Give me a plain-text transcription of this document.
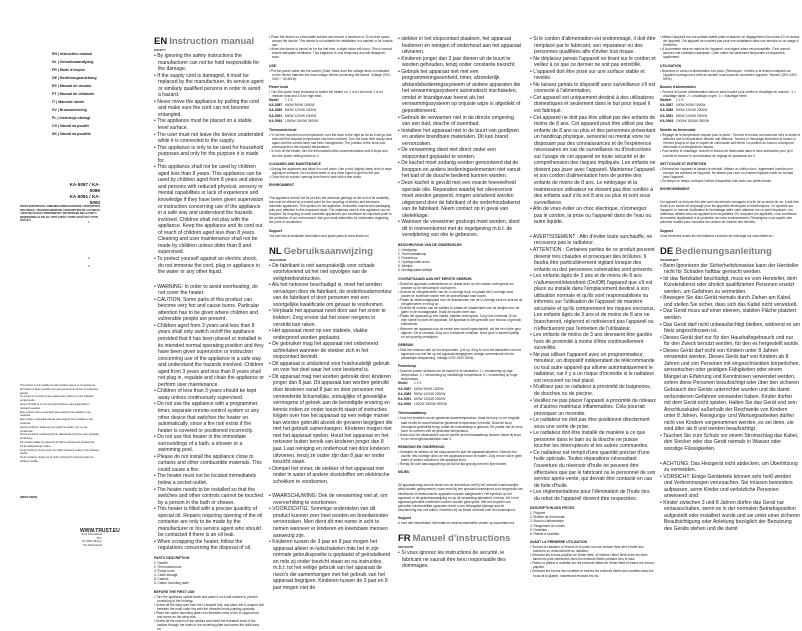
EN | Instruction manual
NL | Gebruiksaanwijzing
FR | Mode d'emploi
DE | Bedienungsanleitung
ES | Manual de usuario
PT | Manual do utilizador
IT | Manuale utente
SV | Bruksanvisning
PL | Instrukcja obsługi
CS | Návod na použití
SK | Návod na použitie
KA-5087 / KA-5089
KA-5091 / KA-5093
PARTS DESCRIPTION / ONDERDELENBESCHRIJVING / DESCRIPTION DES PIÈCES / TEILEBESCHREIBUNG / DESCRIPCIÓN DE LAS PIEZAS / DESCRIÇÃO DOS COMPONENTES / DESCRIZIONE DELLE PARTI / BESKRIVNING AV DELAR / OPIS CZĘŚCI / POPIS SOUČÁSTÍ / POPIS SÚČASTÍ	1
2
3
This product is only suitable for well insulated spaces or occasional use.
Dit product is alleen geschikt voor goed geïsoleerde ruimten of incidenteel gebruik.
Ce produit ne convient qu'aux espaces bien isolés ou à une utilisation occasionnelle.
Dieses Produkt ist nur für gut isolierte Räume oder gelegentlichen Gebrauch geeignet.
Este producto solo es adecuado para espacios bien aislados o uso ocasional.
Este produto é adequado apenas para espaços bem isolados ou uso ocasional.
Questo prodotto è adatto solo per spazi ben isolati o per un uso occasionale.
Denna produkt är endast lämplig för välisolerade utrymmen eller sporadisk användning.
Ten produkt nadaje się wyłącznie do dobrze izolowanych pomieszczeń
lub do okazjonalnego użytku.
Tento produkt je vhodný pouze pro dobře izolované prostory nebo občasné použití.
Tento produkt je vhodný len do dobre izolovaných priestorov alebo na občasné použitie.
(WEEE 80820)
WWW.TRUST.EU
Trust International B.V.
NL 5000 Tilburg | The Netherlands
EN Instruction manual
SAFETY
• By ignoring the safety instructions the manufacturer can not be hold responsible for the damage.
• If the supply cord is damaged, it must be replaced by the manufacturer, its service agent or similarly qualified persons in order to avoid a hazard.
• Never move the appliance by pulling the cord and make sure the cord can not become entangled.
• The appliance must be placed on a stable, level surface.
• The user must not leave the device unattended while it is connected to the supply.
• This appliance is only to be used for household purposes and only for the purpose it is made for.
• This appliance shall not be used by children aged less than 8 years. This appliance can be used by children aged from 8 years and above and persons with reduced physical, sensory or mental capabilities or lack of experience and knowledge if they have been given supervision or instruction concerning use of the appliance in a safe way and understand the hazards involved. Children shall not play with the appliance. Keep the appliance and its cord out of reach of children aged less than 8 years. Cleaning and user maintenance shall not be made by children unless older than 8 and supervised.
• To protect yourself against an electric shock, do not immerse the cord, plug or appliance in the water or any other liquid.
• WARNING: In order to avoid overheating, do not cover the heater.
• CAUTION: Some parts of this product can become very hot and cause burns. Particular attention has to be given where children and vulnerable people are present.
• Children aged from 3 years and less than 8 years shall only switch on/off the appliance provided that it has been placed or installed in its intended normal operating position and they have been given supervision or instruction concerning use of the appliance in a safe way and understand the hazards involved. Children aged from 3 years and less than 8 years shall not plug in, regulate and clean the appliance or perform user maintenance.
• Children of less than 3 years should be kept away unless continuously supervised.
• Do not use the appliance with a programmer, timer, separate remote-control system or any other device that switches the heater on automatically, since a fire risk exists if the heater is covered or positioned incorrectly.
• Do not use this heater in the immediate surroundings of a bath, a shower or a swimming pool.
• Please do not install the appliance close to curtains and other combustible materials. This could cause a fire.
• The heater must not be located immediately below a socket-outlet.
• The heater needs to be installed so that the switches and other controls cannot be touched by a person in the bath or shower.
• This heater is filled with a precise quantity of special oil. Repairs requiring opening of the oil container are only to be made by the manufacturer or his service agent who should be contacted if there is an oil leak.
• When scrapping the heater, follow the regulations concerning the disposal of oil.
PARTS DESCRIPTION
1. Handle
2. Thermostat knob
3. Power knob
4. Cable storage
5. Castors
6. Castor mounting plate
BEFORE THE FIRST USE
• Turn the appliance upside down and place it on a soft surface to prevent scratching of the housing.
• Screw off the wing nuts from the U-shaped bolt, and place the U-shaped bolt between the most outer fins with the threaded ends pointing upwards.
• Place the castor mounting plate over threaded ends of the U-shaped bolt and screw on the wing nuts.
• Screw off the nuts from the castors and insert the threaded ends of the castors through the holes in the mounting plate and screw the bolts back on.
• Place the device on a flat stable surface and ensure a minimum of 10 cm free space around the device. This device is not suitable for installation in a cabinet or for outside use.
• When the device is turned on for the first time, a slight odour will occur. This is normal; ensure adequate ventilation. This fragrance is only temporary and will disappear soon.
USE
• Put the power cable into the socket. (Note: Make sure the voltage which is indicated on the device matches the local voltage before connecting the device. Voltage 220V-240V ~ 50-60Hz).
Power knob
• Turn the power knob clockwise to switch the heater on, 1 is for low heat, 2 is for medium heat and 3 is for high heat.
Model 1 2 3
KA-5087 600W 900W 1500W
KA-5089 800W 1200W 2000W
KA-5091 800W 1200W 2000W
KA-5093 1000W 1500W 2500W
Thermostat knob
• To set the required room temperature: turn the knob to the right as far as it will go and wait until the required temperature has been reached. Turn the knob then slowly back again until the control lamp has been extinguished. The position of the knob now corresponds to the required temperature.
• To turn off the heater, turn the thermostat button counterclockwise until it stops and turn the power setting button to 0.
CLEANING AND MAINTENANCE
• Unplug the appliance and allow it to cool down. Use a soft, slightly damp cloth to wipe appliance surfaces. Do not allow water or any other liquid to get into the unit.
• Clean the air suction opening from time to time with a fine brush.
ENVIRONMENT
This appliance should not be put into the domestic garbage at the end of its durability, but must be offered at a central point for the recycling of electric and electronic domestic appliances. This symbol on the appliance, instruction manual and packaging puts your attention to this important issue. The materials used in this appliance can be recycled. By recycling of used domestic appliances you contribute an important push to the protection of our environment. Ask your local authorities for information regarding the point of recollection.
Support
You can find all available information and spare parts at www.trister.eu!
NL Gebruiksaanwijzing
VEILIGHEID
• De fabrikant is niet aansprakelijk voor schade voortvloeiend uit het niet opvolgen van de veiligheidsinstructies.
• Als het netsnoer beschadigd is, moet het worden vervangen door de fabrikant, de onderhoudsmonteur van de fabrikant of door personen met een soortgelijke kwalificatie om gevaar te voorkomen.
• Verplaats het apparaat nooit door aan het snoer te trekken. Zorg ervoor dat het snoer nergens in verstrikt kan raken.
• Het apparaat moet op een stabiele, vlakke ondergrond worden geplaatst.
• De gebruiker mag het apparaat niet onbeheerd achterlaten wanneer de stekker zich in het stopcontact bevindt.
• Dit apparaat is uitsluitend voor huishoudelijk gebruik en voor het doel waar het voor bestemd is.
• Dit apparaat mag niet worden gebruikt door kinderen jonger dan 8 jaar. Dit apparaat kan worden gebruikt door kinderen vanaf 8 jaar en door personen met verminderde lichamelijke, zintuiglijke of geestelijke vermogens of gebrek aan de benodigde ervaring en kennis indien ze onder toezicht staan of instructies krijgen over hoe het apparaat op een veilige manier kan worden gebruikt alsook de gevaren begrijpen die met het gebruik samenhangen. Kinderen mogen niet met het apparaat spelen. Houd het apparaat en het netsnoer buiten bereik van kinderen jonger dan 8 jaar. Laat reiniging en onderhoud niet door kinderen uitvoeren, tenzij ze ouder zijn dan 8 jaar en onder toezicht staan.
• Dompel het snoer, de stekker of het apparaat niet onder in water of andere vloeistoffen om elektrische schokken te voorkomen.
• WAARSCHUWING: Dek de verwarming niet af, om oververhitting te voorkomen.
• VOORZICHTIG: Sommige onderdelen van dit product kunnen zeer heet worden en brandwonden veroorzaken. Men dient dit met name in acht te nemen wanneer er kinderen en kwetsbare mensen aanwezig zijn.
• Kinderen tussen de 3 jaar en 8 jaar mogen het apparaat alleen in-/uitschakelen mits het in zijn normale gebruikspositie is geplaatst of geïnstalleerd en mits zij onder toezicht staan en na instructies m.b.t. tot het veilige gebruik van het apparaat de risico's die samenhangen met het gebruik van het apparaat begrijpen. Kinderen tussen de 3 jaar en 8 jaar mogen niet de
• stekker in het stopcontact plaatsen, het apparaat bedienen en reinigen of onderhoud aan het apparaat uitvoeren.
• Kinderen jonger dan 3 jaar dienen uit de buurt te worden gehouden, tenzij onder constante toezicht.
• Gebruik het apparaat niet met een programmeringseenheid, timer, afzonderlijk afstandsbedieningssysteem of andere apparaten die het verwarmingssysteem automatisch inschakelen, omdat er brandgevaar heerst als het verwarmingssysteem op onjuiste wijze is afgedekt of gepositioneerd.
• Gebruik de verwarmer niet in de directe omgeving van een bad, douche of zwembad.
• Installeer het apparaat niet in de buurt van gordijnen en andere brandbare materialen. Dit kan brand veroorzaken.
• De verwarming dient niet direct onder een stopcontact geplaatst te worden.
• De kachel moet zodanig worden gemonteerd dat de knoppen en andere bedieningselementen niet vanuit het bad of de douche bediend kunnen worden.
• Deze kachel is gevuld met een exacte hoeveelheid speciale olie. Reparaties waarbij het oliereservoir moet worden geopend, mogen uitsluitend worden uitgevoerd door de fabrikant of de onderhoudsdienst van de fabrikant. Neem contact op in geval van olielekkage.
• Wanneer de verwarmer gesloopt moet worden, dient dit in overeenkomst met de regelgeving m.b.t. de verwijdering van olie te gebeuren.
BESCHRIJVING VAN DE ONDERDELEN
1. Handgreep
2. Thermostaatknop
3. Powerknop
4. Opbergruimte snoer
5. Wieltjes
6. Montageplaat wieltjes
VOORAFGAAND AAN HET EERSTE GEBRUIK
• Draai het apparaat ondersteboven en plaats deze op een zachte ondergrond om krassen op de behuizing te voorkomen.
• Schroef de vleugelmoeren van de U-vormige bout, en plaats het U-vormige bout tussen de buitenste vinnen met de schroefdraad naar boven.
• Plaats de wielmontageplaat over de draadeinden van de U-vormige bout en schroef de vleugelmoeren er terug op.
• Schroef de moeren van de wieltjes en plaats de draadeinden van de wieltjes door de gaten in de montageplaat. Draai de bouten weer aan.
• Plaats het apparaat op een vlakke, stabiele ondergrond. Zorg voor minimaal 10 cm vrije ruimte rondom het apparaat. Dit apparaat is niet geschikt voor inbouw of gebruik buitenshuis.
• Wanneer het apparaat voor de eerste keer wordt ingeschakeld, zal het een lichte geur afgeven. Dit is normaal. Zorg voor voldoende ventilatie. Deze geur is slechts tijdelijk en zal spoedig verdwijnen.
GEBRUIK
• Sluit het netsnoer aan op het stopcontact. (Let op: Zorg er voor het aansluiten van het apparaat voor dat het op het apparaat aangegeven voltage overeenkomt met de plaatselijke netspanning. Voltage 220V-240V 50Hz).
Powerknop
• Draai de power rechtsom om de kachel in te schakelen: 1 = verwarming op lage temperatuur, 2 = verwarming op middelhoge temperatuur, 3 = verwarming op hoge temperatuur.
Model 1 2 3
KA-5087 600W 900W 1500W
KA-5089 800W 1200W 2000W
KA-5091 800W 1200W 2000W
KA-5093 1000W 1500W 2500W
Thermostaatknop
• Voor het instellen van de gewenste kamertemperatuur: draai de knop zo ver mogelijk naar rechts en wacht totdat de gewenste temperatuur is bereikt. Draai de knop vervolgens geleidelijk terug, totdat de controlelamp is gedoofd. De positie van de knop komt nu overeen met de gewenste temperatuur.
• Draai voor het uitschakelen van de kachel de thermostaatknop linksom totdat hij stopt en de vermogensschakelaar naar 0.
REINIGING EN ONDERHOUD
• Verwijder de stekker uit het stopcontact en laat het apparaat afkoelen. Gebruik een zachte, iets vochtige doek om het apparaat schoon te maken. Zorg ervoor dat er geen water of andere vloeistof in het apparaat komt.
• Reinig de lucht aanzuigopening van tijd tot tijd grondig met een fijne borstel.
MILIEU
Dit apparaat mag aan het einde van de levensduur niet bij het normale huishoudelijke afval worden gedeponeerd, maar moet bij een speciaal inzamelpunt voor hergebruik van elektrische en elektronische apparaten worden aangeboden. Het symbool op het apparaat, in de gebruiksaanwijzing en op de verpakking attendeert u hierop. De in het apparaat gebruikte materialen kunnen worden gerecycled. Met het recyclen van gebruikte huishoudelijke apparaten levert u een belangrijke bijdrage aan de bescherming van ons milieu. Informeer bij uw lokale overheid over het inzamelpunt.
Support
U kunt alle beschikbare informatie en reserveonderdelen vinden op www.trister.eu!
FR Manuel d'instructions
SÉCURITÉ
• Si vous ignorez les instructions de sécurité, le fabricant ne saurait être tenu responsable des dommages.
• Si le cordon d'alimentation est endommagé, il doit être remplacé par le fabricant, son réparateur ou des personnes qualifiées afin d'éviter tout risque.
• Ne déplacez jamais l'appareil en tirant sur le cordon et veillez à ce que ce dernier ne soit pas entortillé.
• L'appareil doit être posé sur une surface stable et nivelée.
• Ne laissez jamais le dispositif sans surveillance s'il est connecté à l'alimentation.
• Cet appareil est uniquement destiné à des utilisations domestiques et seulement dans le but pour lequel il est fabriqué.
• Cet appareil ne doit pas être utilisé par des enfants de moins de 8 ans. Cet appareil peut être utilisé par des enfants de 8 ans ou plus et des personnes présentant un handicap physique, sensoriel ou mental voire ne disposant pas des connaissances et de l'expérience nécessaires en cas de surveillance ou d'instructions sur l'usage de cet appareil en toute sécurité et de compréhension des risques impliqués. Les enfants ne doivent pas jouer avec l'appareil. Maintenez l'appareil et son cordon d'alimentation hors de portée des enfants de moins de 8 ans. Le nettoyage et la maintenance utilisateur ne doivent pas être confiés à des enfants sauf s'ils ont 8 ans ou plus et sont sous surveillance.
• Afin de vous éviter un choc électrique, n'immergez pas le cordon, la prise ou l'appareil dans de l'eau ou autre liquide.
• AVERTISSEMENT : Afin d'éviter toute surchauffe, ne recouvrez pas le radiateur.
• ATTENTION : Certaines parties de ce produit peuvent devenir très chaudes et provoquer des brûlures. Il faudra être particulièrement vigilant lorsque des enfants ou des personnes vulnérables sont présents.
• Les enfants âgés de 3 ans et de moins de 8 ans n'allumeront/éteindront (On/Off) l'appareil que s'il est placé ou installé dans l'emplacement destiné à son utilisation normale et qu'ils sont responsabilisés ou informés sur l'utilisation de l'appareil de manière sécurisée et qu'ils comprennent les risques encourus. Les enfants âgés de 3 ans et de moins de 8 ans ne brancheront, régleront et nettoieront pas l'appareil ou n'effectueront pas l'entretien de l'utilisateur.
• Les enfants de moins de 3 ans devraient être gardés hors de proximité à moins d'être continuellement surveillés.
• Ne pas utiliser l'appareil avec un programmateur, minuteur, un dispositif indépendant de télécommande ou tout autre appareil qui allume automatiquement le radiateur, car il y a un risque d'incendie si le radiateur est recouvert ou mal placé.
• N'utilisez pas ce radiateur à proximité de baignoires, de douches ou de piscine.
• Veuillez ne pas placer l'appareil à proximité de rideaux et d'autres matériaux inflammables. Cela pourrait provoquer un incendie.
• Le radiateur ne doit pas être positionné directement sous une sortie de prise.
• Le radiateur doit être installé de manière à ce que personne dans le bain ou la douche ne puisse toucher les interrupteurs et les autres commandes.
• Ce radiateur est rempli d'une quantité précise d'une huile spéciale. Toutes réparations nécessitant l'ouverture du réservoir d'huile ne peuvent être effectuées que par le fabricant ou le personnel de son service après-vente, qui devrait être contacté en cas de fuite d'huile.
• Les réglementations pour l'élimination de l'huile lors du rebut de l'appareil doivent être respectées.
DESCRIPTION DES PIÈCES
1. Poignée
2. Molette de thermostat
3. Bouton d'alimentation
4. Rangement du cordon
5. Roulettes
6. Platine à roulettes
AVANT LA PREMIÈRE UTILISATION
• Tournez le radiateur à l'envers et le poser sur une surface lisse afin d'éviter des traînures ou renfoncement au radiateur.
• Dévissez les écrous-papillon de l'étrier fileté, et insérez l'étrier fileté entre les deux lames les plus extérieures avec les embouts filetés pointant vers le haut.
• Placez la platine à roulettes sur les embouts filetés de l'étrier fileté et vissez les écrous-papillon.
• Dévissez les écrous des roulettes et insérez les embouts filetés des roulettes dans les trous de la platine, maintenant revissez les vis.
• Mettez l'appareil sur une surface stable plate et assurez un dégagement d'au moins 10 cm autour de l'appareil. Cet appareil ne convient pas pour une installation dans une armoire ou un usage à l'extérieur.
• À la première mise en marche de l'appareil, une légère odeur est perceptible. C'est normal ; assurez une ventilation adéquate. Cette odeur est seulement temporaire et disparaîtra rapidement.
UTILISATION
• Branchez le cordon d'alimentation à la prise. (Remarque : Vérifiez si la tension indiquée sur l'appareil correspond à celle du secteur local avant de connecter l'appareil. Tension 220V-240V 50Hz).
Bouton d'alimentation
• Tournez le bouton d'alimentation dans le sens horaire pour mettre le chauffage en marche : 1 = chauffage faible, 2 = chauffage moyen, 3 = chauffage élevé.
Modèle 1 2 3
KA-5087 600W 900W 1500W
KA-5089 800W 1200W 2000W
KA-5091 800W 1200W 2000W
KA-5093 1000W 1500W 2500W
Molette du thermostat
• Réglage de la température requise pour la pièce : Tournez le bouton au maximum vers la droite et attendez que la température désirée soit obtenue. Tournez le mesurage lentement le bouton à l'envers jusqu'à ce que le voyant de commande soit éteint. La position du bouton correspond désormais à la température requise.
• Pour arrêter le chauffage, tournez le bouton de thermostat dans le sens antihoraire pour qu'il s'arrête et tournez le commutateur de réglage de puissance sur 0.
NETTOYAGE ET ENTRETIEN
• Débranchez l'appareil et laissez-le refroidir. Utilisez un chiffon doux, légèrement humide pour essuyer les surfaces de l'appareil. Ne laissez pas l'eau ou d'autres liquides entrer en contact avec l'appareil.
• De temps en temps, nettoyez l'orifice d'aspiration d'air avec une petite brosse.
ENVIRONNEMENT
Cet appareil ne doit pas être jeté avec les déchets ménagers à la fin de sa durée de vie, il doit être remis à un centre de recyclage pour les appareils électriques et électroniques. Ce symbole sur l'appareil, le manuel d'utilisation et l'emballage attire votre attention sur ce point important. Les matériaux utilisés dans cet appareil sont recyclables. En recyclant vos appareils, vous contribuez de manière significative à la protection de notre environnement. Renseignez-vous auprès des autorités locales pour connaître les centres de collecte des déchets.
Support
Vous trouverez toutes les informations et pièces de rechange sur www.trister.eu !
DE Bedienungsanleitung
SICHERHEIT
• Beim Ignorieren der Sicherheitshinweise kann der Hersteller nicht für Schäden haftbar gemacht werden.
• Ist das Netzkabel beschädigt, muss es vom Hersteller, dem Kundendienst oder ähnlich qualifizierten Personen ersetzt werden, um Gefahren zu vermeiden.
• Bewegen Sie das Gerät niemals durch Ziehen am Kabel, und stellen Sie sicher, dass sich das Kabel nicht verwickelt.
• Das Gerät muss auf einer ebenen, stabilen Fläche platziert werden.
• Das Gerät darf nicht unbeaufsichtigt bleiben, während es am Netz angeschlossen ist.
• Dieses Gerät darf nur für den Haushaltsgebrauch und nur für den Zweck benutzt werden, für den es hergestellt wurde.
• Dieses Gerät darf nicht von Kindern unter 8 Jahren verwendet werden. Dieses Gerät darf von Kindern ab 8 Jahren und von Personen mit eingeschränkten körperlichen, sensorischen oder geistigen Fähigkeiten oder einem Mangel an Erfahrung und Kenntnissen verwendet werden, sofern diese Personen beaufsichtigt oder über den sicheren Gebrauch des Geräts unterrichtet wurden und die damit verbundenen Gefahren verstanden haben. Kinder dürfen mit dem Gerät nicht spielen. Halten Sie das Gerät und sein Anschlusskabel außerhalb der Reichweite von Kindern unter 8 Jahren. Reinigungs- und Wartungsarbeiten dürfen nicht von Kindern vorgenommen werden, es sei denn, sie sind älter als 8 und werden beaufsichtigt.
• Tauchen Sie zum Schutz vor einem Stromschlag das Kabel, den Stecker oder das Gerät niemals in Wasser oder sonstige Flüssigkeiten.
• ACHTUNG: Das Heizgerät nicht abdecken, um Überhitzung zu vermeiden.
• VORSICHT: Einige Geräteteile können sehr heiß werden und Verbrennungen verursachen. Sie müssen besonders aufpassen, wenn Kinder und verletzliche Personen anwesend sind.
• Kinder zwischen 3 und 8 Jahren dürfen das Gerät nur ein/ausschalten, wenn es in der normalen Betriebsposition aufgestellt oder installiert wurde und sie unter einer sicheren Beaufsichtigung oder Anleitung bezüglich der Benutzung des Geräts stehen und die damit
